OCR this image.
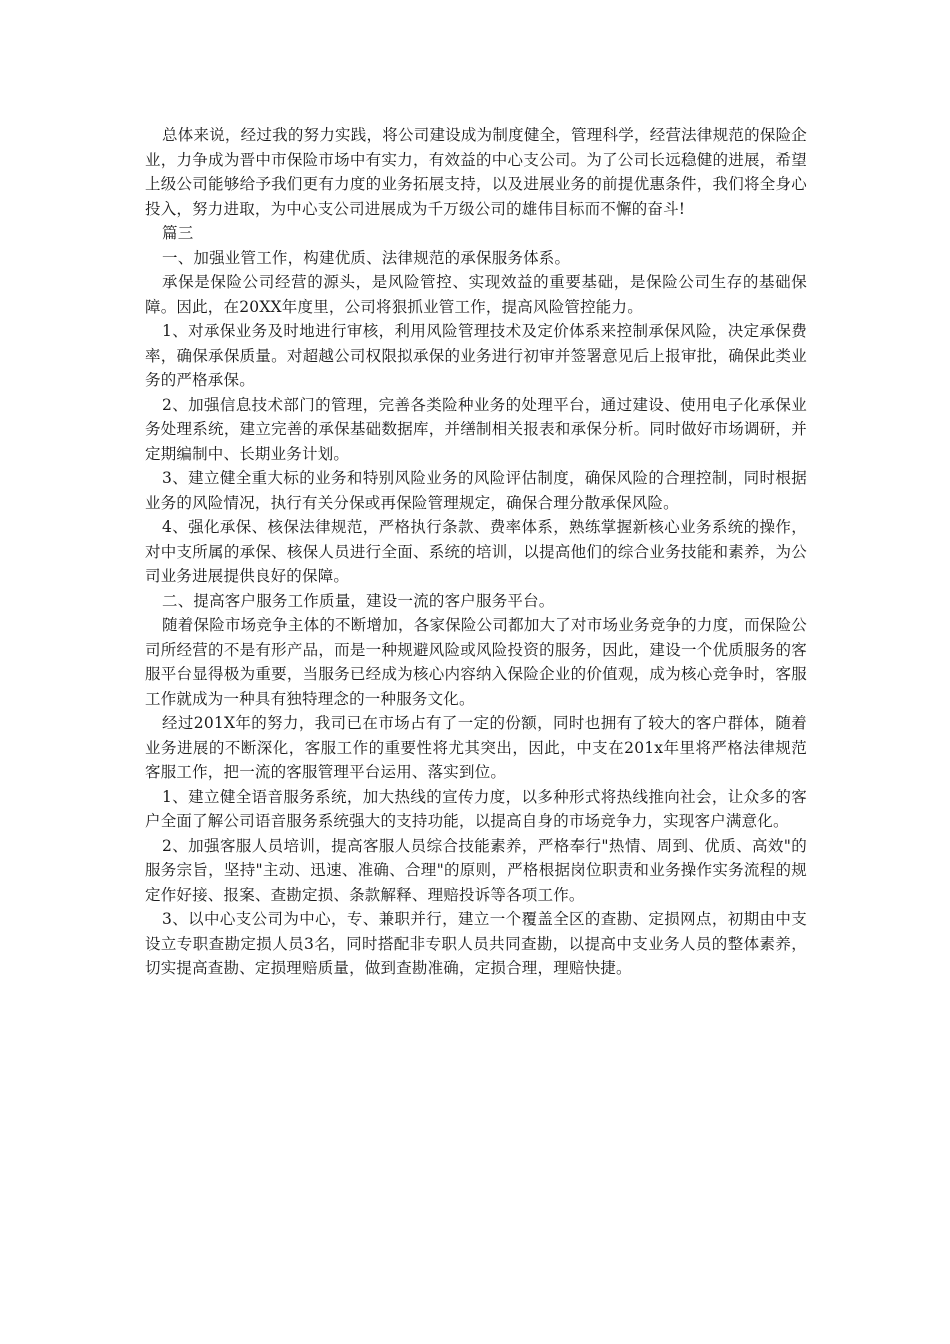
总体来说，经过我的努力实践，将公司建设成为制度健全，管理科学，经营法律规范的保险企业，力争成为晋中市保险市场中有实力，有效益的中心支公司。为了公司长远稳健的进展，希望上级公司能够给予我们更有力度的业务拓展支持，以及进展业务的前提优惠条件，我们将全身心投入，努力进取，为中心支公司进展成为千万级公司的雄伟目标而不懈的奋斗!

篇三

一、加强业管工作，构建优质、法律规范的承保服务体系。

承保是保险公司经营的源头，是风险管控、实现效益的重要基础，是保险公司生存的基础保障。因此，在20XX年度里，公司将狠抓业管工作，提高风险管控能力。

1、对承保业务及时地进行审核，利用风险管理技术及定价体系来控制承保风险，决定承保费率，确保承保质量。对超越公司权限拟承保的业务进行初审并签署意见后上报审批，确保此类业务的严格承保。

2、加强信息技术部门的管理，完善各类险种业务的处理平台，通过建设、使用电子化承保业务处理系统，建立完善的承保基础数据库，并缮制相关报表和承保分析。同时做好市场调研，并定期编制中、长期业务计划。

3、建立健全重大标的业务和特别风险业务的风险评估制度，确保风险的合理控制，同时根据业务的风险情况，执行有关分保或再保险管理规定，确保合理分散承保风险。

4、强化承保、核保法律规范，严格执行条款、费率体系，熟练掌握新核心业务系统的操作，对中支所属的承保、核保人员进行全面、系统的培训，以提高他们的综合业务技能和素养，为公司业务进展提供良好的保障。

二、提高客户服务工作质量，建设一流的客户服务平台。

随着保险市场竞争主体的不断增加，各家保险公司都加大了对市场业务竞争的力度，而保险公司所经营的不是有形产品，而是一种规避风险或风险投资的服务，因此，建设一个优质服务的客服平台显得极为重要，当服务已经成为核心内容纳入保险企业的价值观，成为核心竞争时，客服工作就成为一种具有独特理念的一种服务文化。

经过201X年的努力，我司已在市场占有了一定的份额，同时也拥有了较大的客户群体，随着业务进展的不断深化，客服工作的重要性将尤其突出，因此，中支在201x年里将严格法律规范客服工作，把一流的客服管理平台运用、落实到位。

1、建立健全语音服务系统，加大热线的宣传力度，以多种形式将热线推向社会，让众多的客户全面了解公司语音服务系统强大的支持功能，以提高自身的市场竞争力，实现客户满意化。

2、加强客服人员培训，提高客服人员综合技能素养，严格奉行"热情、周到、优质、高效"的服务宗旨，坚持"主动、迅速、准确、合理"的原则，严格根据岗位职责和业务操作实务流程的规定作好接、报案、查勘定损、条款解释、理赔投诉等各项工作。

3、以中心支公司为中心，专、兼职并行，建立一个覆盖全区的查勘、定损网点，初期由中支设立专职查勘定损人员3名，同时搭配非专职人员共同查勘，以提高中支业务人员的整体素养，切实提高查勘、定损理赔质量，做到查勘准确，定损合理，理赔快捷。
